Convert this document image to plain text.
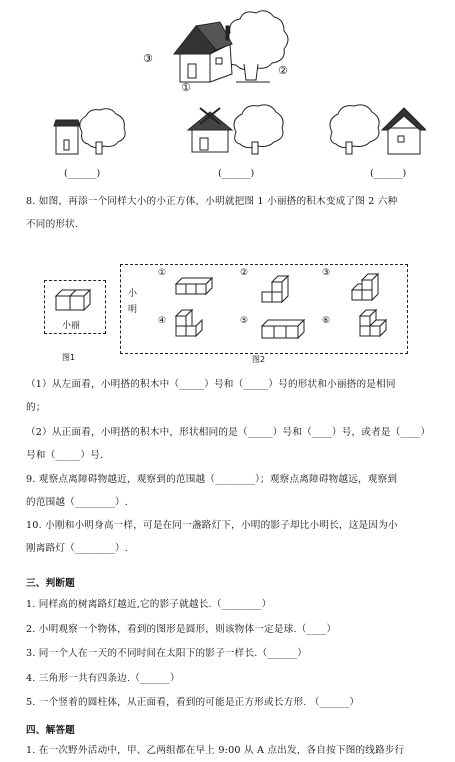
③
①
②
(______)	(______)	(______)
8. 如图，再添一个同样大小的小正方体，小明就把图 1 小丽搭的积木变成了图 2 六种
不同的形状.
小丽
图1
小
明
图2
①	②	③
④	⑤	⑥
（1）从左面看，小明搭的积木中（_____）号和（_____）号的形状和小丽搭的是相同
的；
（2）从正面看，小明搭的积木中，形状相同的是（_____）号和（____）号，或者是（____）
号和（_____）号.
9. 观察点离障碍物越近，观察到的范围越（________）；观察点离障碍物越远，观察到
的范围越（________）.
10. 小刚和小明身高一样，可是在同一盏路灯下，小明的影子却比小明长，这是因为小
刚离路灯（________）.
三、判断题
1. 同样高的树离路灯越近,它的影子就越长.（________）
2. 小明观察一个物体，看到的图形是圆形，则该物体一定是球.（____）
3. 同一个人在一天的不同时间在太阳下的影子一样长.（______）
4. 三角形一共有四条边.（______）
5. 一个竖着的圆柱体，从正面看，看到的可能是正方形或长方形. （______）
四、解答题
1. 在一次野外活动中，甲、乙两组都在早上 9:00 从 A 点出发，各自按下图的线路步行
